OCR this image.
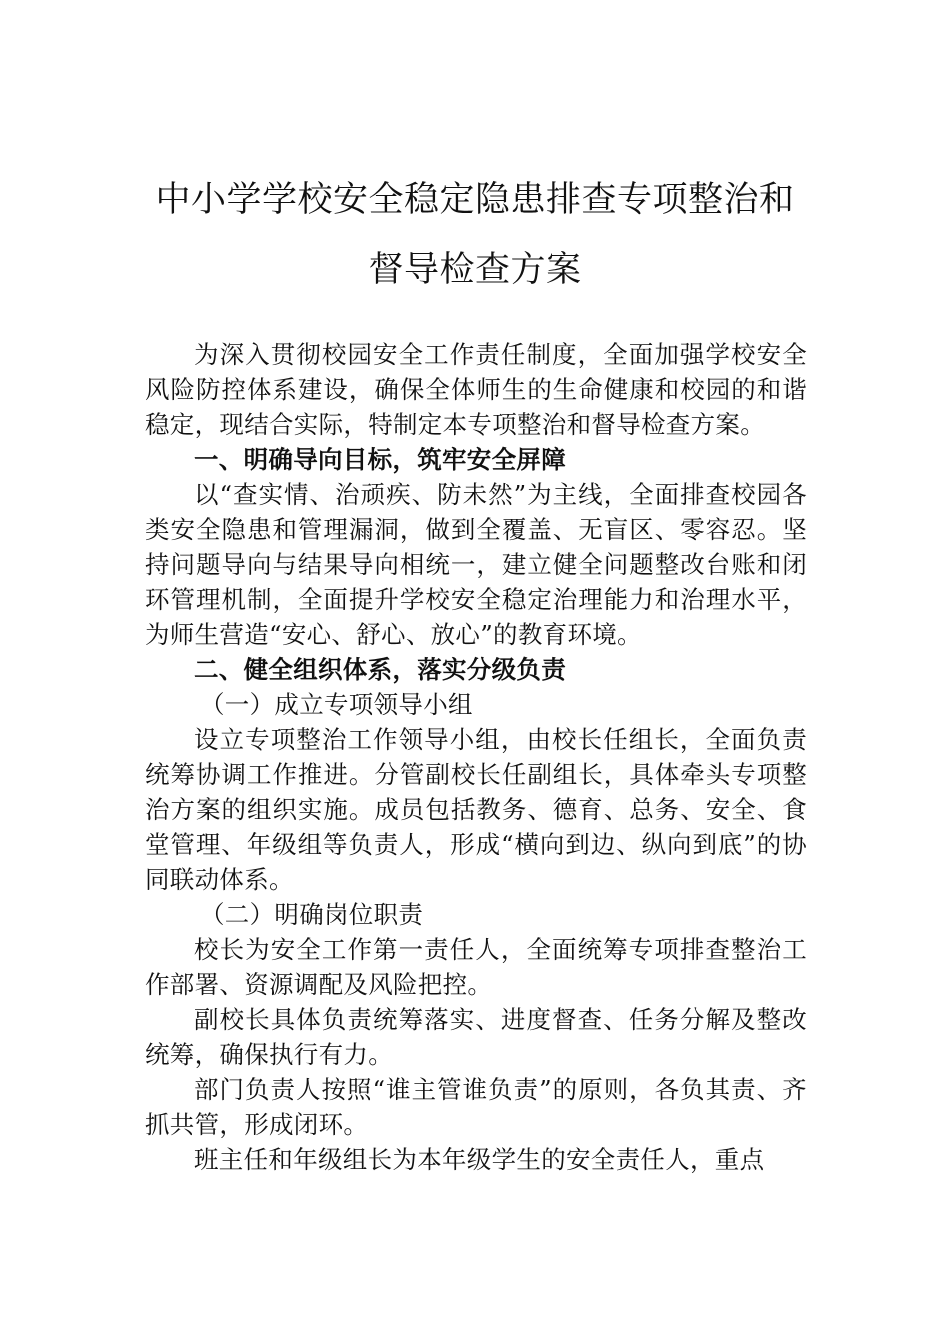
中小学学校安全稳定隐患排查专项整治和
督导检查方案

为深入贯彻校园安全工作责任制度，全面加强学校安全风险防控体系建设，确保全体师生的生命健康和校园的和谐稳定，现结合实际，特制定本专项整治和督导检查方案。

一、明确导向目标，筑牢安全屏障

以“查实情、治顽疾、防未然”为主线，全面排查校园各类安全隐患和管理漏洞，做到全覆盖、无盲区、零容忍。坚持问题导向与结果导向相统一，建立健全问题整改台账和闭环管理机制，全面提升学校安全稳定治理能力和治理水平，为师生营造“安心、舒心、放心”的教育环境。

二、健全组织体系，落实分级负责

（一）成立专项领导小组

设立专项整治工作领导小组，由校长任组长，全面负责统筹协调工作推进。分管副校长任副组长，具体牵头专项整治方案的组织实施。成员包括教务、德育、总务、安全、食堂管理、年级组等负责人，形成“横向到边、纵向到底”的协同联动体系。

（二）明确岗位职责

校长为安全工作第一责任人，全面统筹专项排查整治工作部署、资源调配及风险把控。

副校长具体负责统筹落实、进度督查、任务分解及整改统筹，确保执行有力。

部门负责人按照“谁主管谁负责”的原则，各负其责、齐抓共管，形成闭环。

班主任和年级组长为本年级学生的安全责任人，重点
